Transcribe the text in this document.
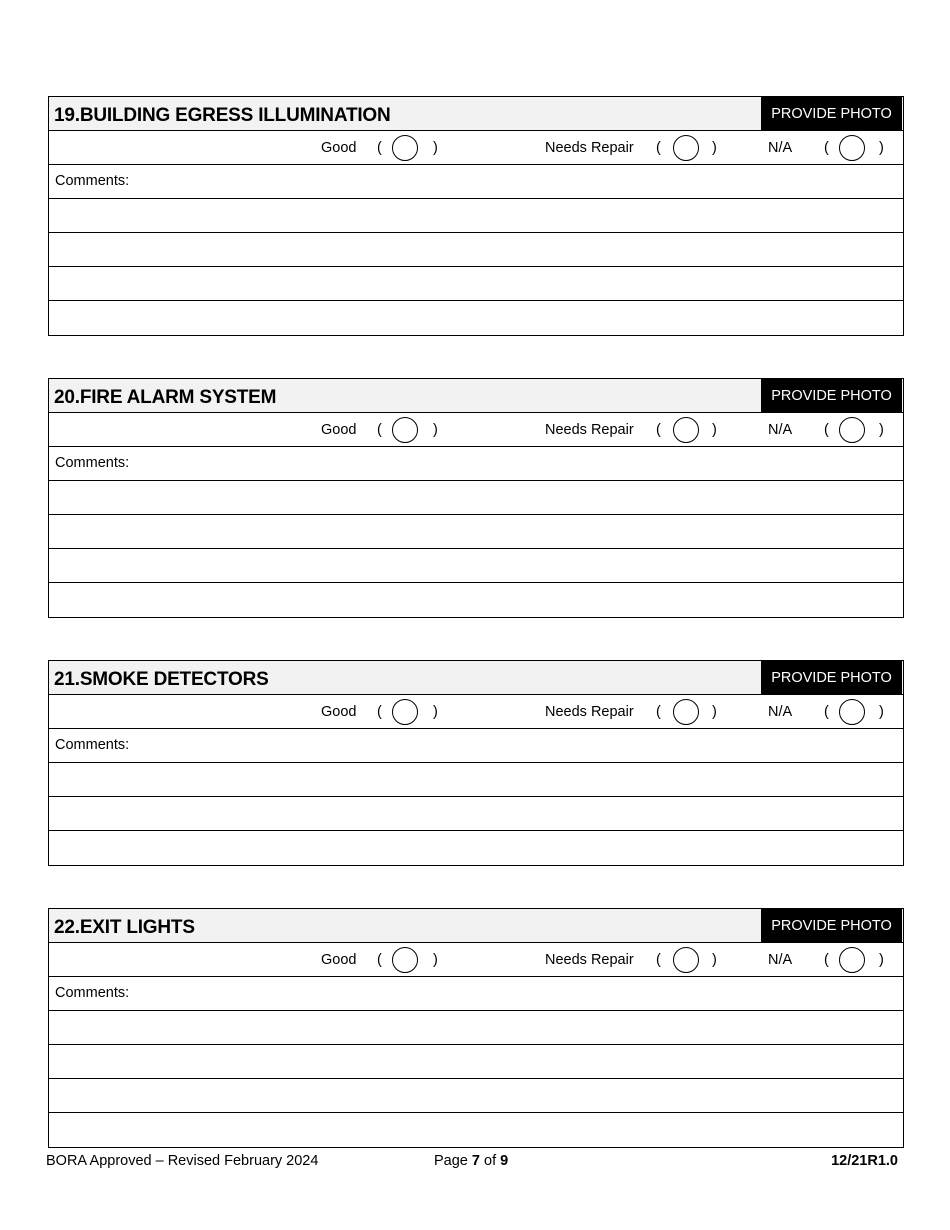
19.BUILDING EGRESS ILLUMINATION	PROVIDE PHOTO
Good (	)	Needs Repair (	)	N/A (	)
Comments:
20.FIRE ALARM SYSTEM	PROVIDE PHOTO
Good (	)	Needs Repair (	)	N/A (	)
Comments:
21.SMOKE DETECTORS	PROVIDE PHOTO
Good (	)	Needs Repair (	)	N/A (	)
Comments:
22.EXIT LIGHTS	PROVIDE PHOTO
Good (	)	Needs Repair (	)	N/A (	)
Comments:
BORA Approved – Revised February 2024	Page 7 of 9	12/21R1.0
